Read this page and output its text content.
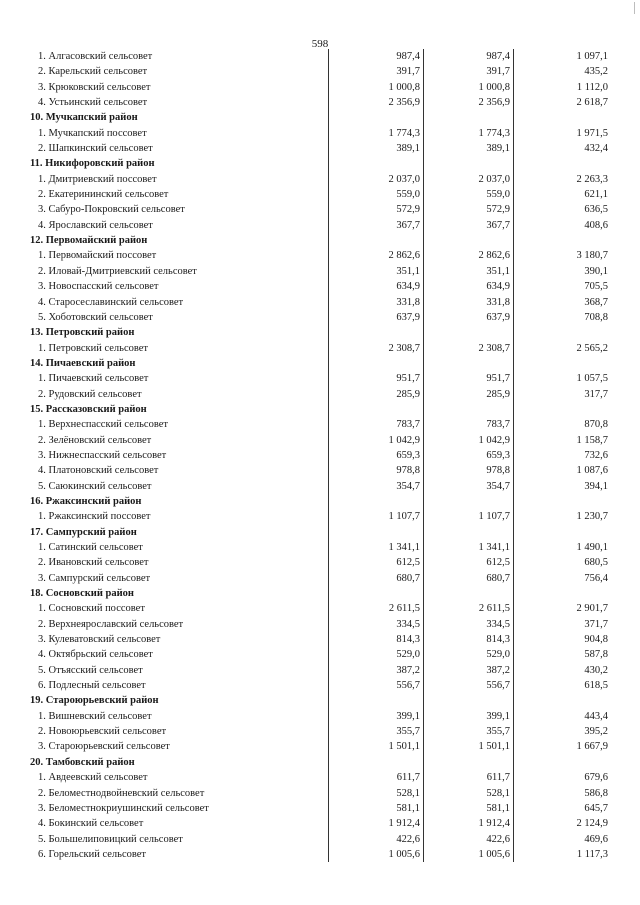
598
1. Алгасовский сельсовет	987,4	987,4	1 097,1
2. Карельский сельсовет	391,7	391,7	435,2
3. Крюковский сельсовет	1 000,8	1 000,8	1 112,0
4. Устьинский сельсовет	2 356,9	2 356,9	2 618,7
10. Мучкапский район			
1. Мучкапский поссовет	1 774,3	1 774,3	1 971,5
2. Шапкинский сельсовет	389,1	389,1	432,4
11. Никифоровский район			
1. Дмитриевский поссовет	2 037,0	2 037,0	2 263,3
2. Екатерининский сельсовет	559,0	559,0	621,1
3. Сабуро-Покровский сельсовет	572,9	572,9	636,5
4. Ярославский сельсовет	367,7	367,7	408,6
12. Первомайский район			
1. Первомайский поссовет	2 862,6	2 862,6	3 180,7
2. Иловай-Дмитриевский сельсовет	351,1	351,1	390,1
3. Новоспасский сельсовет	634,9	634,9	705,5
4. Старосеславинский сельсовет	331,8	331,8	368,7
5. Хоботовский сельсовет	637,9	637,9	708,8
13. Петровский район			
1. Петровский сельсовет	2 308,7	2 308,7	2 565,2
14. Пичаевский район			
1. Пичаевский сельсовет	951,7	951,7	1 057,5
2. Рудовский сельсовет	285,9	285,9	317,7
15. Рассказовский район			
1. Верхнеспасский сельсовет	783,7	783,7	870,8
2. Зелёновский сельсовет	1 042,9	1 042,9	1 158,7
3. Нижнеспасский сельсовет	659,3	659,3	732,6
4. Платоновский сельсовет	978,8	978,8	1 087,6
5. Саюкинский сельсовет	354,7	354,7	394,1
16. Ржаксинский район			
1. Ржаксинский поссовет	1 107,7	1 107,7	1 230,7
17. Сампурский район			
1. Сатинский сельсовет	1 341,1	1 341,1	1 490,1
2. Ивановский сельсовет	612,5	612,5	680,5
3. Сампурский сельсовет	680,7	680,7	756,4
18. Сосновский район			
1. Сосновский поссовет	2 611,5	2 611,5	2 901,7
2. Верхнеярославский сельсовет	334,5	334,5	371,7
3. Кулеватовский сельсовет	814,3	814,3	904,8
4. Октябрьский сельсовет	529,0	529,0	587,8
5. Отъясский сельсовет	387,2	387,2	430,2
6. Подлесный сельсовет	556,7	556,7	618,5
19. Староюрьевский район			
1. Вишневский сельсовет	399,1	399,1	443,4
2. Новоюрьевский сельсовет	355,7	355,7	395,2
3. Староюрьевский сельсовет	1 501,1	1 501,1	1 667,9
20. Тамбовский район			
1. Авдеевский сельсовет	611,7	611,7	679,6
2. Беломестнодвойневский сельсовет	528,1	528,1	586,8
3. Беломестнокриушинский сельсовет	581,1	581,1	645,7
4. Бокинский сельсовет	1 912,4	1 912,4	2 124,9
5. Большелиповицкий сельсовет	422,6	422,6	469,6
6. Горельский сельсовет	1 005,6	1 005,6	1 117,3
